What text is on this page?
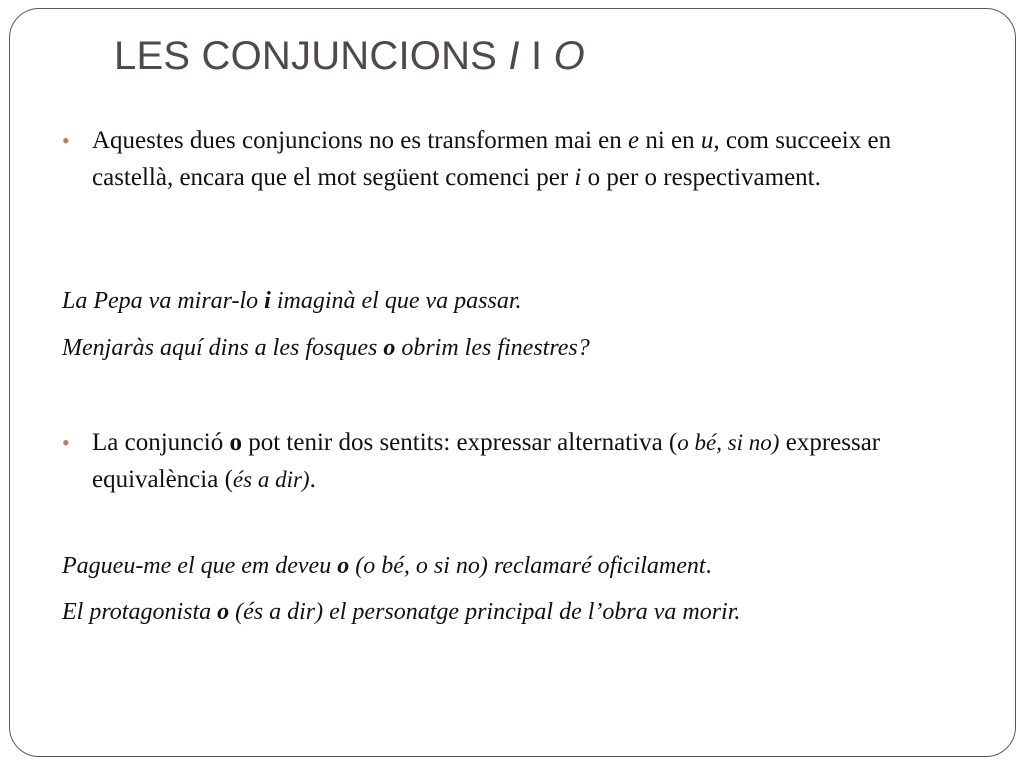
LES CONJUNCIONS I I O
• Aquestes dues conjuncions no es transformen mai en e ni en u, com succeeix en castellà, encara que el mot següent comenci per i o per o respectivament.
La Pepa va mirar-lo i imaginà el que va passar.
Menjaràs aquí dins a les fosques o obrim les finestres?
• La conjunció o pot tenir dos sentits: expressar alternativa (o bé, si no) expressar equivalència (és a dir).
Pagueu-me el que em deveu o (o bé, o si no) reclamaré oficilament.
El protagonista o (és a dir) el personatge principal de l’obra va morir.
